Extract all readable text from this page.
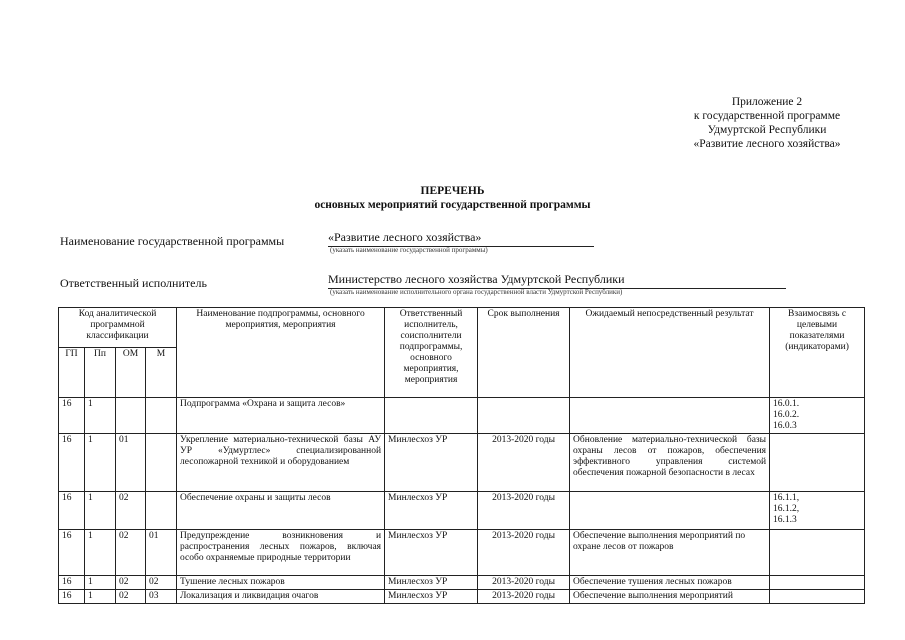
Приложение 2
к государственной программе
Удмуртской Республики
«Развитие лесного хозяйства»
ПЕРЕЧЕНЬ
основных мероприятий государственной программы
Наименование государственной программы	«Развитие лесного хозяйства»
(указать наименование государственной программы)
Ответственный исполнитель	Министерство лесного хозяйства Удмуртской Республики
(указать наименование исполнительного органа государственной власти Удмуртской Республики)
Код аналитической программной классификации				Наименование подпрограммы, основного мероприятия, мероприятия	Ответственный исполнитель, соисполнители подпрограммы, основного мероприятия, мероприятия	Срок выполнения	Ожидаемый непосредственный результат	Взаимосвязь с целевыми показателями (индикаторами)
ГП	Пп	ОМ	М					
16	1			Подпрограмма «Охрана и защита лесов»				16.0.1.
16.0.2.
16.0.3

16	1	01		Укрепление материально-технической базы АУ УР «Удмуртлес» специализированной лесопожарной техникой и оборудованием	Минлесхоз УР	2013-2020 годы	Обновление материально-технической базы охраны лесов от пожаров, обеспечения эффективного управления системой обеспечения пожарной безопасности в лесах	
16	1	02		Обеспечение охраны и защиты лесов	Минлесхоз УР	2013-2020 годы		16.1.1,
16.1.2,
16.1.3

16	1	02	01	Предупреждение возникновения и распространения лесных пожаров, включая особо охраняемые природные территории	Минлесхоз УР	2013-2020 годы	Обеспечение выполнения мероприятий по охране лесов от пожаров	
16	1	02	02	Тушение лесных пожаров	Минлесхоз УР	2013-2020 годы	Обеспечение тушения лесных пожаров	
16	1	02	03	Локализация и ликвидация очагов	Минлесхоз УР	2013-2020 годы	Обеспечение выполнения мероприятий	
